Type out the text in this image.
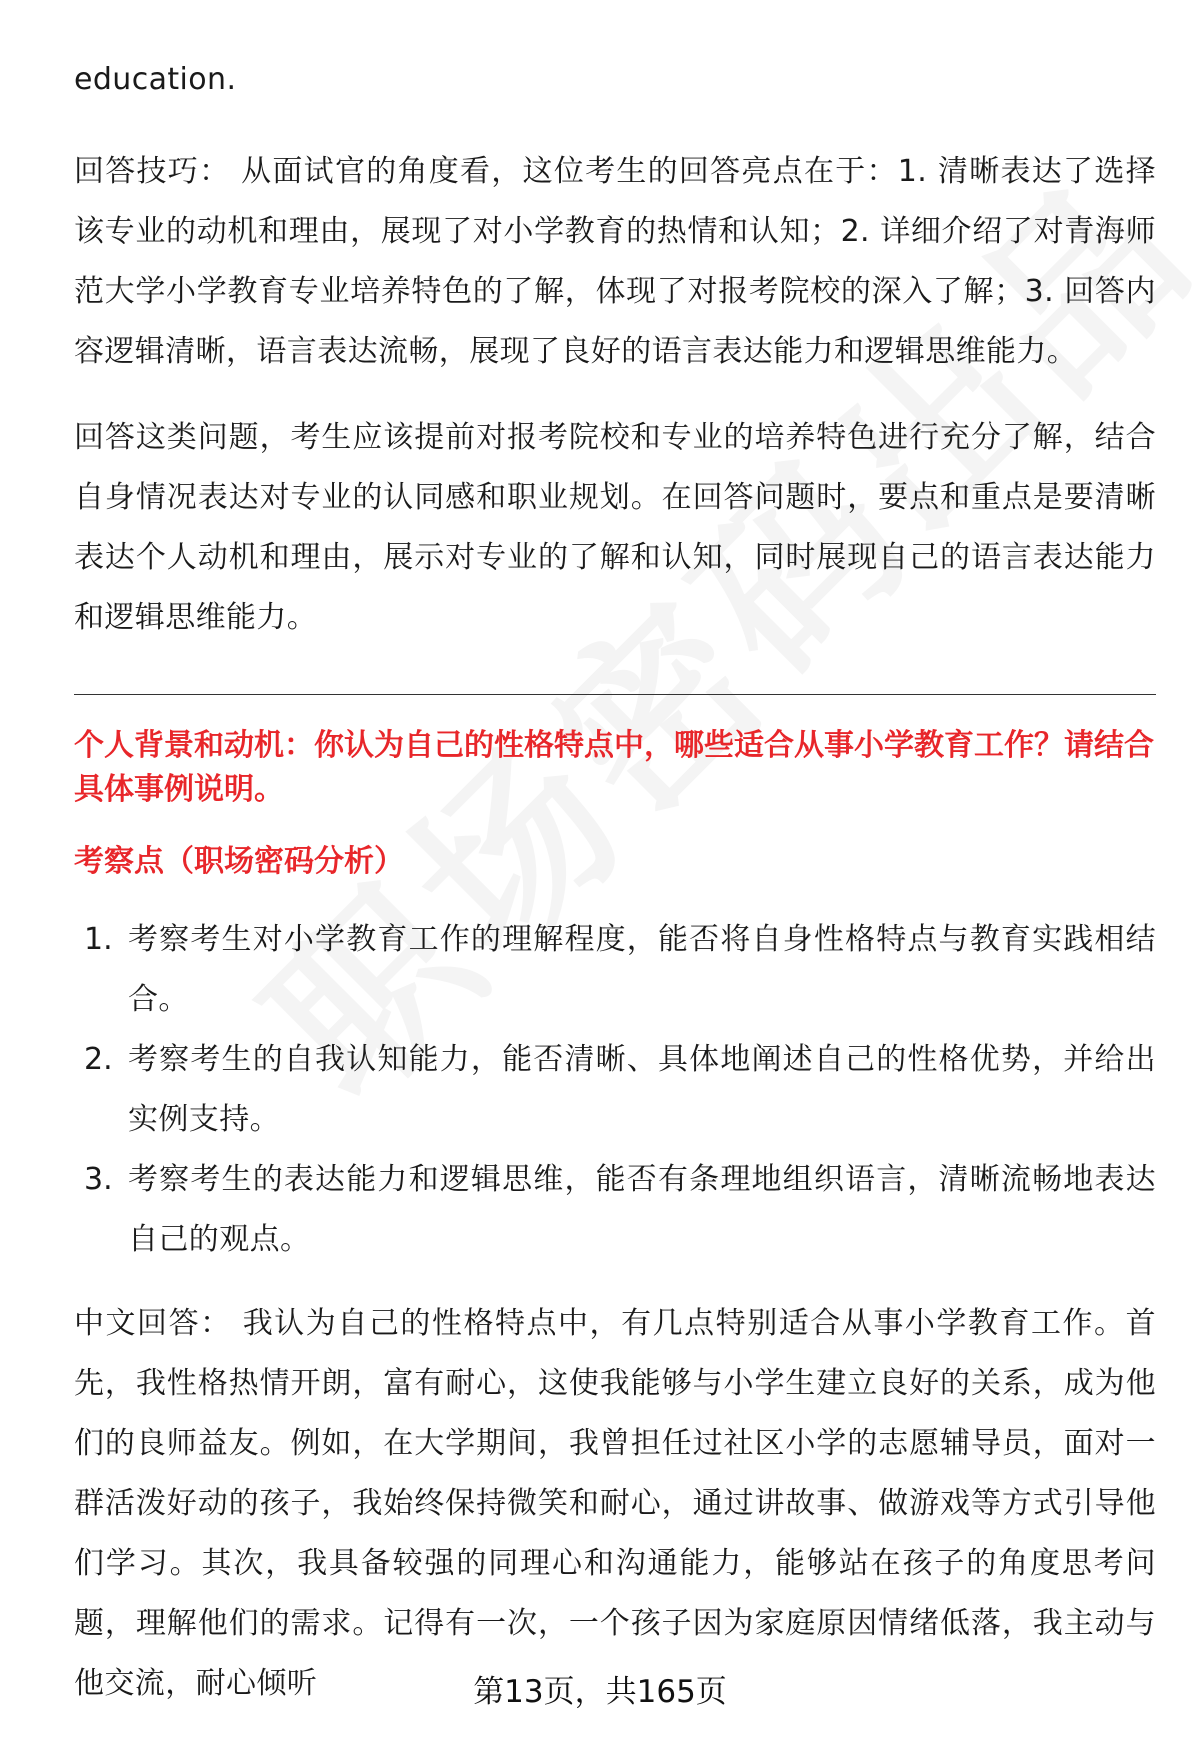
education.

回答技巧： 从面试官的角度看，这位考生的回答亮点在于：1. 清晰表达了选择该专业的动机和理由，展现了对小学教育的热情和认知；2. 详细介绍了对青海师范大学小学教育专业培养特色的了解，体现了对报考院校的深入了解；3. 回答内容逻辑清晰，语言表达流畅，展现了良好的语言表达能力和逻辑思维能力。

回答这类问题，考生应该提前对报考院校和专业的培养特色进行充分了解，结合自身情况表达对专业的认同感和职业规划。在回答问题时，要点和重点是要清晰表达个人动机和理由，展示对专业的了解和认知，同时展现自己的语言表达能力和逻辑思维能力。

个人背景和动机：你认为自己的性格特点中，哪些适合从事小学教育工作？请结合具体事例说明。

考察点（职场密码分析）

1. 考察考生对小学教育工作的理解程度，能否将自身性格特点与教育实践相结合。
2. 考察考生的自我认知能力，能否清晰、具体地阐述自己的性格优势，并给出实例支持。
3. 考察考生的表达能力和逻辑思维，能否有条理地组织语言，清晰流畅地表达自己的观点。

中文回答： 我认为自己的性格特点中，有几点特别适合从事小学教育工作。首先，我性格热情开朗，富有耐心，这使我能够与小学生建立良好的关系，成为他们的良师益友。例如，在大学期间，我曾担任过社区小学的志愿辅导员，面对一群活泼好动的孩子，我始终保持微笑和耐心，通过讲故事、做游戏等方式引导他们学习。其次，我具备较强的同理心和沟通能力，能够站在孩子的角度思考问题，理解他们的需求。记得有一次，一个孩子因为家庭原因情绪低落，我主动与他交流，耐心倾听	第13页，共165页
